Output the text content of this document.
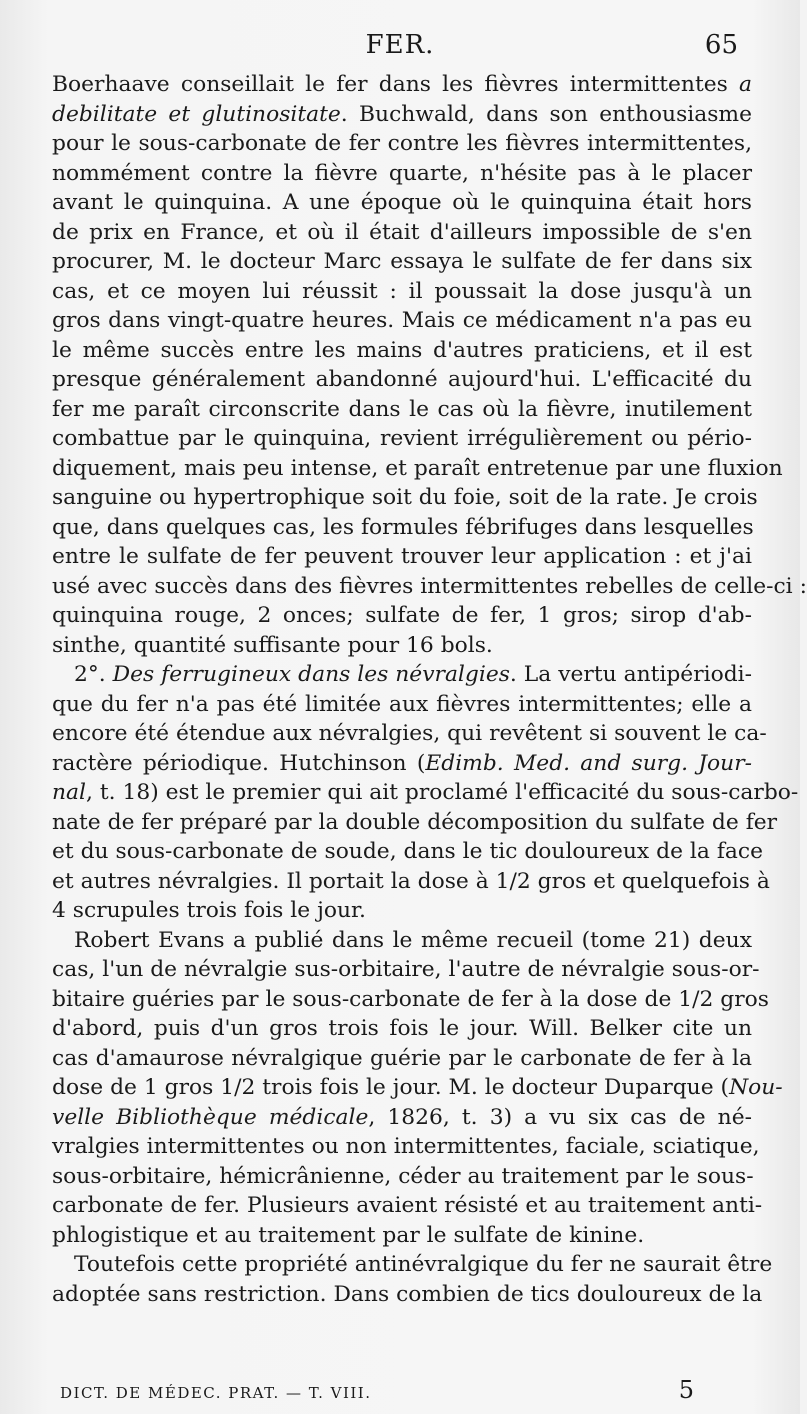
FER.	65
Boerhaave conseillait le fer dans les fièvres intermittentes a
debilitate et glutinositate. Buchwald, dans son enthousiasme
pour le sous-carbonate de fer contre les fièvres intermittentes,
nommément contre la fièvre quarte, n'hésite pas à le placer
avant le quinquina. A une époque où le quinquina était hors
de prix en France, et où il était d'ailleurs impossible de s'en
procurer, M. le docteur Marc essaya le sulfate de fer dans six
cas, et ce moyen lui réussit : il poussait la dose jusqu'à un
gros dans vingt-quatre heures. Mais ce médicament n'a pas eu
le même succès entre les mains d'autres praticiens, et il est
presque généralement abandonné aujourd'hui. L'efficacité du
fer me paraît circonscrite dans le cas où la fièvre, inutilement
combattue par le quinquina, revient irrégulièrement ou pério-
diquement, mais peu intense, et paraît entretenue par une fluxion
sanguine ou hypertrophique soit du foie, soit de la rate. Je crois
que, dans quelques cas, les formules fébrifuges dans lesquelles
entre le sulfate de fer peuvent trouver leur application : et j'ai
usé avec succès dans des fièvres intermittentes rebelles de celle-ci :
quinquina rouge, 2 onces; sulfate de fer, 1 gros; sirop d'ab-
sinthe, quantité suffisante pour 16 bols.
2°. Des ferrugineux dans les névralgies. La vertu antipériodi-
que du fer n'a pas été limitée aux fièvres intermittentes; elle a
encore été étendue aux névralgies, qui revêtent si souvent le ca-
ractère périodique. Hutchinson (Edimb. Med. and surg. Jour-
nal, t. 18) est le premier qui ait proclamé l'efficacité du sous-carbo-
nate de fer préparé par la double décomposition du sulfate de fer
et du sous-carbonate de soude, dans le tic douloureux de la face
et autres névralgies. Il portait la dose à 1/2 gros et quelquefois à
4 scrupules trois fois le jour.
Robert Evans a publié dans le même recueil (tome 21) deux
cas, l'un de névralgie sus-orbitaire, l'autre de névralgie sous-or-
bitaire guéries par le sous-carbonate de fer à la dose de 1/2 gros
d'abord, puis d'un gros trois fois le jour. Will. Belker cite un
cas d'amaurose névralgique guérie par le carbonate de fer à la
dose de 1 gros 1/2 trois fois le jour. M. le docteur Duparque (Nou-
velle Bibliothèque médicale, 1826, t. 3) a vu six cas de né-
vralgies intermittentes ou non intermittentes, faciale, sciatique,
sous-orbitaire, hémicrânienne, céder au traitement par le sous-
carbonate de fer. Plusieurs avaient résisté et au traitement anti-
phlogistique et au traitement par le sulfate de kinine.
Toutefois cette propriété antinévralgique du fer ne saurait être
adoptée sans restriction. Dans combien de tics douloureux de la
DICT. DE MÉDEC. PRAT. — T. VIII.	5
